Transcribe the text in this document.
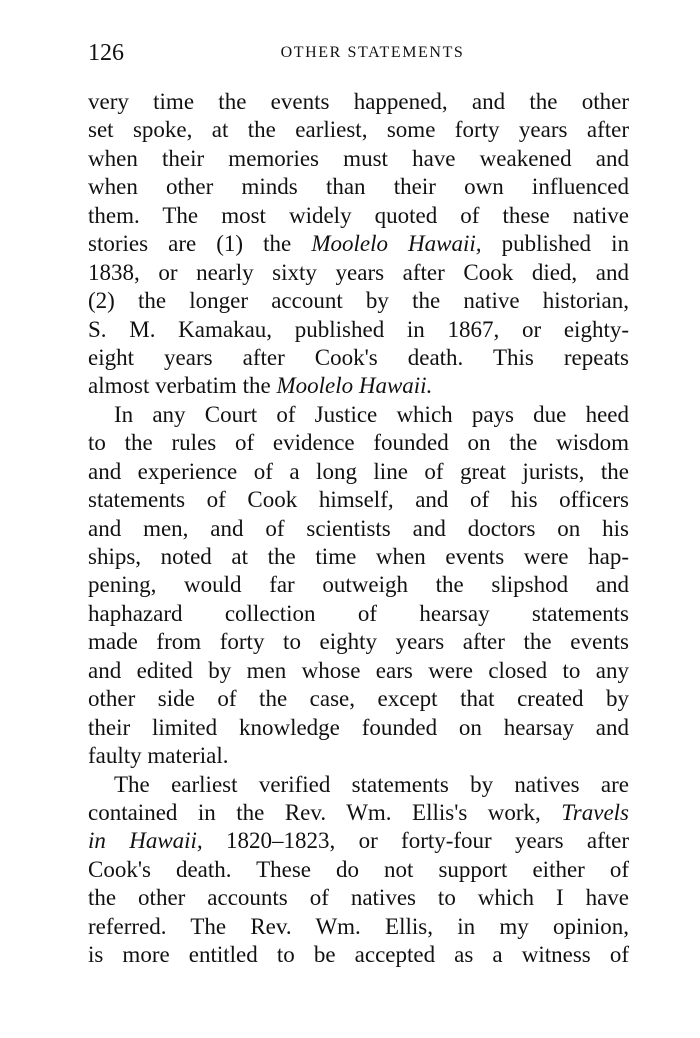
126	OTHER STATEMENTS
very time the events happened, and the other
set spoke, at the earliest, some forty years after
when their memories must have weakened and
when other minds than their own influenced
them. The most widely quoted of these native
stories are (1) the Moolelo Hawaii, published in
1838, or nearly sixty years after Cook died, and
(2) the longer account by the native historian,
S. M. Kamakau, published in 1867, or eighty-
eight years after Cook's death. This repeats
almost verbatim the Moolelo Hawaii.
In any Court of Justice which pays due heed
to the rules of evidence founded on the wisdom
and experience of a long line of great jurists, the
statements of Cook himself, and of his officers
and men, and of scientists and doctors on his
ships, noted at the time when events were hap-
pening, would far outweigh the slipshod and
haphazard collection of hearsay statements
made from forty to eighty years after the events
and edited by men whose ears were closed to any
other side of the case, except that created by
their limited knowledge founded on hearsay and
faulty material.
The earliest verified statements by natives are
contained in the Rev. Wm. Ellis's work, Travels
in Hawaii, 1820–1823, or forty-four years after
Cook's death. These do not support either of
the other accounts of natives to which I have
referred. The Rev. Wm. Ellis, in my opinion,
is more entitled to be accepted as a witness of
